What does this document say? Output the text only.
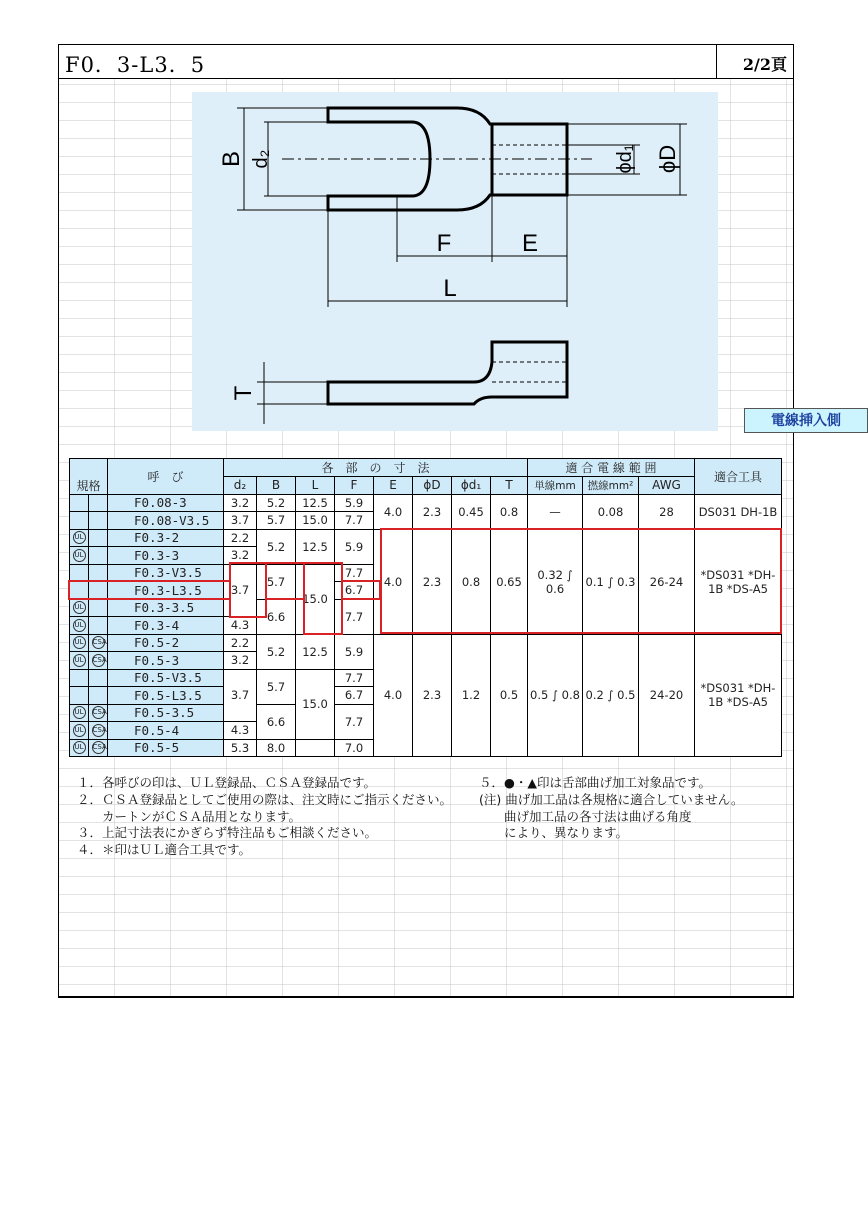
F0．3-L3．5	2/2頁
B d₂
F	E
L
ϕd₁ ϕD
T
電線挿入側
		呼　び	各　部　の　寸　法								適 合 電 線 範 囲			適合工具
規格			d₂	B	L	F	E	ϕD	ϕd₁	T	単線mm	撚線mm²	AWG	
		F0.08-3	3.2	5.2	12.5	5.9	4.0	2.3	0.45	0.8	—	0.08	28	DS031 DH-1B
		F0.08-V3.5	3.7	5.7	15.0	7.7								
UL		F0.3-2	2.2	5.2	12.5	5.9	4.0	2.3	0.8	0.65	0.32 ∫ 0.6	0.1 ∫ 0.3	26-24	*DS031 *DH-1B *DS-A5
UL		F0.3-3	3.2											
		F0.3-V3.5	3.7	5.7	15.0	7.7								
		F0.3-L3.5				6.7								
UL		F0.3-3.5		6.6		7.7								
UL		F0.3-4	4.3											
UL	CSA	F0.5-2	2.2	5.2	12.5	5.9	4.0	2.3	1.2	0.5	0.5 ∫ 0.8	0.2 ∫ 0.5	24-20	*DS031 *DH-1B *DS-A5
UL	CSA	F0.5-3	3.2											
		F0.5-V3.5	3.7	5.7	15.0	7.7								
		F0.5-L3.5				6.7								
UL	CSA	F0.5-3.5		6.6		7.7								
UL	CSA	F0.5-4	4.3											
UL	CSA	F0.5-5	5.3	8.0		7.0								
１．各呼びの印は、ＵＬ登録品、ＣＳＡ登録品です。
２．ＣＳＡ登録品としてご使用の際は、注文時にご指示ください。
　　カートンがＣＳＡ品用となります。
３．上記寸法表にかぎらず特注品もご相談ください。
４．＊印はＵＬ適合工具です。
５．●・▲印は舌部曲げ加工対象品です。
(注) 曲げ加工品は各規格に適合していません。
　　曲げ加工品の各寸法は曲げる角度
　　により、異なります。
